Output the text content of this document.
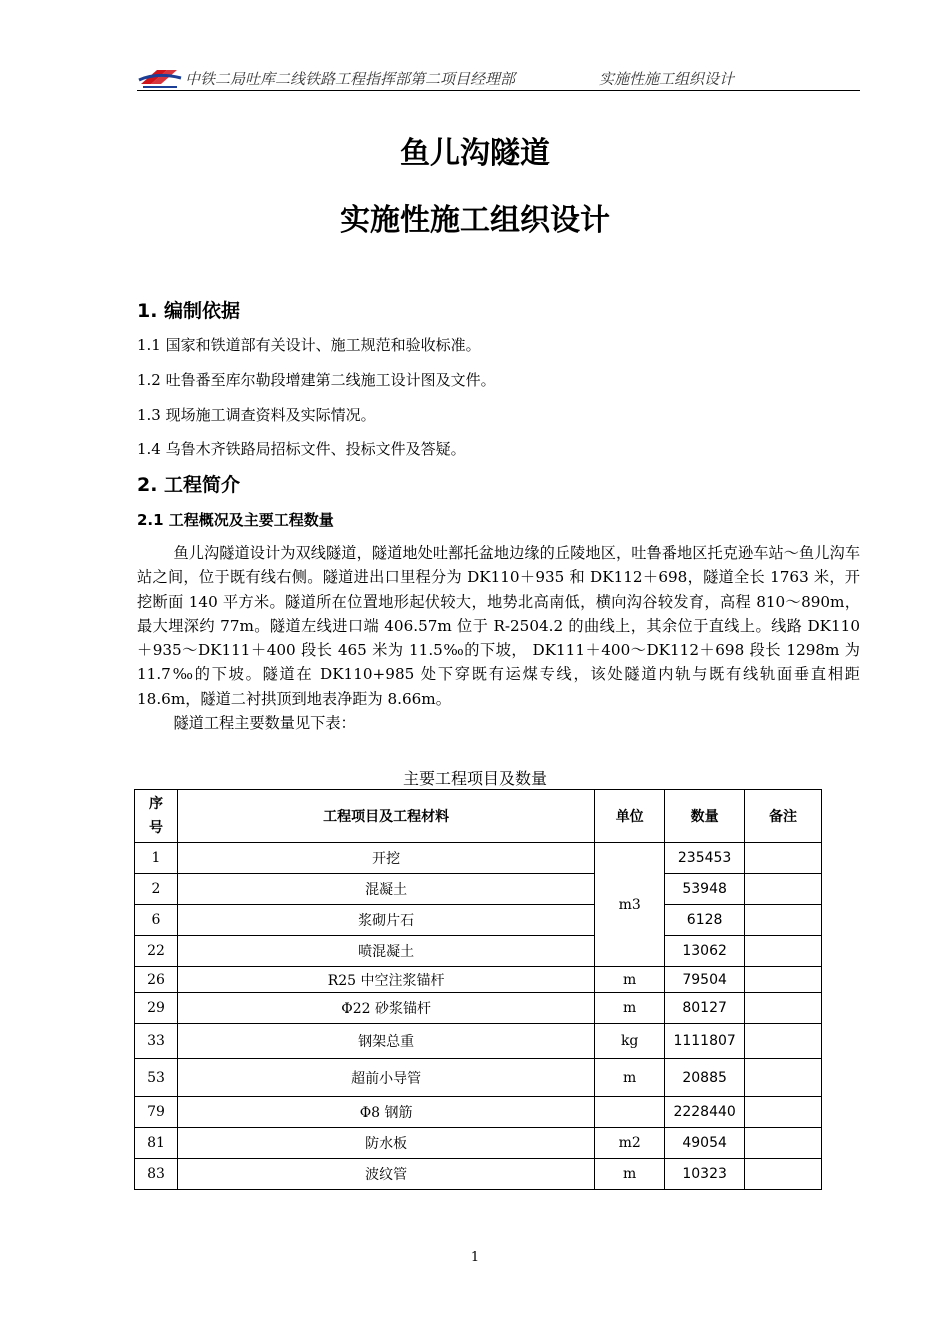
中铁二局吐库二线铁路工程指挥部第二项目经理部	实施性施工组织设计
鱼儿沟隧道
实施性施工组织设计
1. 编制依据
1.1 国家和铁道部有关设计、施工规范和验收标准。
1.2 吐鲁番至库尔勒段增建第二线施工设计图及文件。
1.3 现场施工调查资料及实际情况。
1.4 乌鲁木齐铁路局招标文件、投标文件及答疑。
2. 工程简介
2.1 工程概况及主要工程数量

鱼儿沟隧道设计为双线隧道，隧道地处吐鄯托盆地边缘的丘陵地区，吐鲁番地区托克逊车站～鱼儿沟车站之间，位于既有线右侧。隧道进出口里程分为 DK110＋935 和 DK112＋698，隧道全长 1763 米，开挖断面 140 平方米。隧道所在位置地形起伏较大，地势北高南低，横向沟谷较发育，高程 810～890m，最大埋深约 77m。隧道左线进口端 406.57m 位于 R-2504.2 的曲线上，其余位于直线上。线路 DK110＋935～DK111＋400 段长 465 米为 11.5‰的下坡， DK111＋400～DK112＋698 段长 1298m 为 11.7‰的下坡。隧道在 DK110+985 处下穿既有运煤专线，该处隧道内轨与既有线轨面垂直相距 18.6m，隧道二衬拱顶到地表净距为 8.66m。

隧道工程主要数量见下表：

主要工程项目及数量
序号	工程项目及工程材料	单位	数量	备注
1	开挖	m3	235453	
2	混凝土		53948	
6	浆砌片石		6128	
22	喷混凝土		13062	
26	R25 中空注浆锚杆	m	79504	
29	Φ22 砂浆锚杆	m	80127	
33	钢架总重	kg	1111807	
53	超前小导管	m	20885	
79	Φ8 钢筋		2228440	
81	防水板	m2	49054	
83	波纹管	m	10323	
1
